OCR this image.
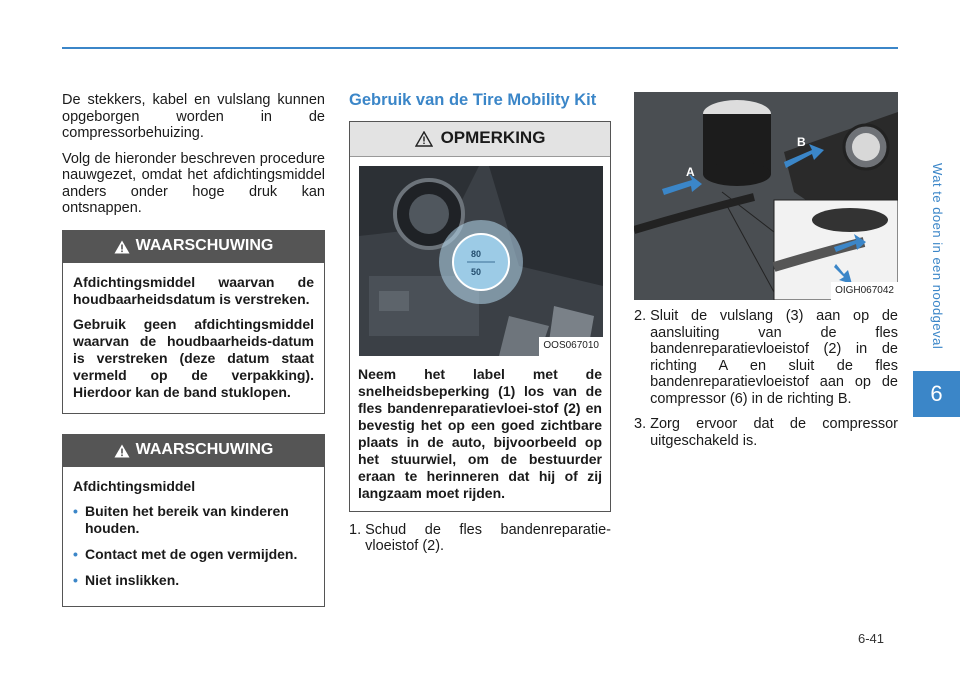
Wat te doen in een noodgeval
6

De stekkers, kabel en vulslang kunnen opgeborgen worden in de compressorbehuizing.

Volg de hieronder beschreven procedure nauwgezet, omdat het afdichtingsmiddel anders onder hoge druk kan ontsnappen.

WAARSCHUWING

Afdichtingsmiddel waarvan de houdbaarheidsdatum is verstreken.

Gebruik geen afdichtingsmiddel waarvan de houdbaarheids-datum is verstreken (deze datum staat vermeld op de verpakking). Hierdoor kan de band stuklopen.

WAARSCHUWING

Afdichtingsmiddel

• Buiten het bereik van kinderen houden.
• Contact met de ogen vermijden.
• Niet inslikken.
Gebruik van de Tire Mobility Kit
OPMERKING
80
50
OOS067010
Neem het label met de snelheidsbeperking (1) los van de fles bandenreparatievloei-stof (2) en bevestig het op een goed zichtbare plaats in de auto, bijvoorbeeld op het stuurwiel, om de bestuurder eraan te herinneren dat hij of zij langzaam moet rijden.
1. Schud de fles bandenreparatie-vloeistof (2).
A
B
OIGH067042
2. Sluit de vulslang (3) aan op de aansluiting van de fles bandenreparatievloeistof (2) in de richting A en sluit de fles bandenreparatievloeistof aan op de compressor (6) in de richting B.
3. Zorg ervoor dat de compressor uitgeschakeld is.
6-41
